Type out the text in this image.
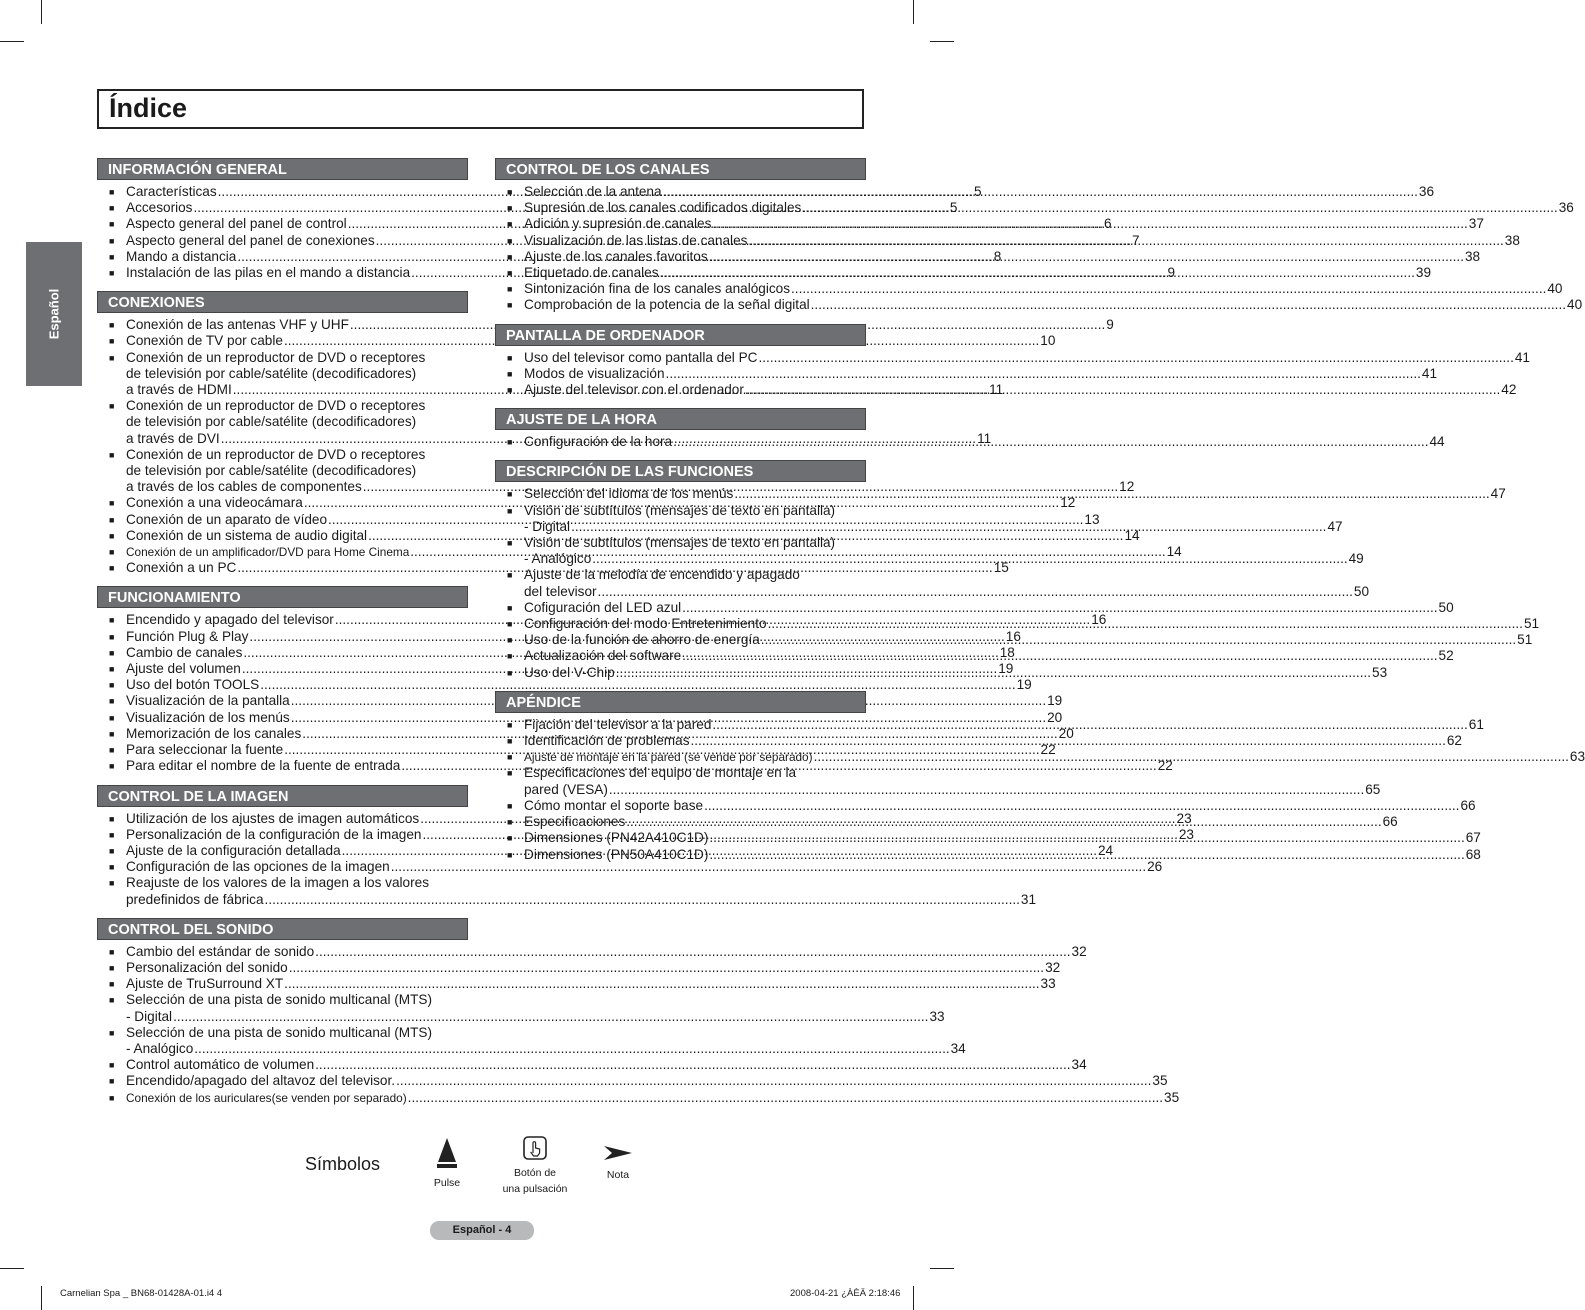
Índice
Español
INFORMACIÓN GENERAL
■ Características .....	5
■ Accesorios .....	5
■ Aspecto general del panel de control .....	6
■ Aspecto general del panel de conexiones .....	7
■ Mando a distancia .....	8
■ Instalación de las pilas en el mando a distancia .....	9
CONEXIONES
■ Conexión de las antenas VHF y UHF .....	9
■ Conexión de TV por cable .....	10
■ Conexión de un reproductor de DVD o receptores
de televisión por cable/satélite (decodificadores)
a través de HDMI .....	11
■ Conexión de un reproductor de DVD o receptores
de televisión por cable/satélite (decodificadores)
a través de DVI .....	11
■ Conexión de un reproductor de DVD o receptores
de televisión por cable/satélite (decodificadores)
a través de los cables de componentes .....	12
■ Conexión a una videocámara .....	12
■ Conexión de un aparato de vídeo .....	13
■ Conexión de un sistema de audio digital .....	14
■ Conexión de un amplificador/DVD para Home Cinema .....	14
■ Conexión a un PC .....	15
FUNCIONAMIENTO
■ Encendido y apagado del televisor .....	16
■ Función Plug & Play .....	16
■ Cambio de canales .....	18
■ Ajuste del volumen .....	19
■ Uso del botón TOOLS .....	19
■ Visualización de la pantalla .....	19
■ Visualización de los menús .....	20
■ Memorización de los canales .....	20
■ Para seleccionar la fuente .....	22
■ Para editar el nombre de la fuente de entrada .....	22
CONTROL DE LA IMAGEN
■ Utilización de los ajustes de imagen automáticos .....	23
■ Personalización de la configuración de la imagen .....	23
■ Ajuste de la configuración detallada .....	24
■ Configuración de las opciones de la imagen .....	26
■ Reajuste de los valores de la imagen a los valores
predefinidos de fábrica .....	31
CONTROL DEL SONIDO
■ Cambio del estándar de sonido .....	32
■ Personalización del sonido .....	32
■ Ajuste de TruSurround XT .....	33
■ Selección de una pista de sonido multicanal (MTS)
- Digital .....	33
■ Selección de una pista de sonido multicanal (MTS)
- Analógico .....	34
■ Control automático de volumen .....	34
■ Encendido/apagado del altavoz del televisor. .....	35
■ Conexión de los auriculares(se venden por separado) .....	35
CONTROL DE LOS CANALES
■ Selección de la antena .....	36
■ Supresión de los canales codificados digitales .....	36
■ Adición y supresión de canales .....	37
■ Visualización de las listas de canales .....	38
■ Ajuste de los canales favoritos .....	38
■ Etiquetado de canales .....	39
■ Sintonización fina de los canales analógicos .....	40
■ Comprobación de la potencia de la señal digital .....	40
PANTALLA DE ORDENADOR
■ Uso del televisor como pantalla del PC .....	41
■ Modos de visualización .....	41
■ Ajuste del televisor con el ordenador .....	42
AJUSTE DE LA HORA
■ Configuración de la hora .....	44
DESCRIPCIÓN DE LAS FUNCIONES
■ Selección del idioma de los menús .....	47
■ Visión de subtítulos (mensajes de texto en pantalla)
- Digital .....	47
■ Visión de subtítulos (mensajes de texto en pantalla)
- Analógico .....	49
■ Ajuste de la melodía de encendido y apagado
del televisor .....	50
■ Cofiguración del LED azul .....	50
■ Configuración del modo Entretenimiento .....	51
■ Uso de la función de ahorro de energía .....	51
■ Actualización del software .....	52
■ Uso del V-Chip .....	53
APÉNDICE
■ Fijación del televisor a la pared .....	61
■ Identificación de problemas .....	62
■ Ajuste de montaje en la pared (se vende por separado) .....	63
■ Especificaciones del equipo de montaje en la
pared (VESA) .....	65
■ Cómo montar el soporte base .....	66
■ Especificaciones .....	66
■ Dimensiones (PN42A410C1D) .....	67
■ Dimensiones (PN50A410C1D) .....	68
Símbolos
Pulse
Botón de
una pulsación
Nota
Español - 4
Carnelian Spa _ BN68-01428A-01.i4 4	2008-04-21 ¿ÀÈÄ 2:18:46
